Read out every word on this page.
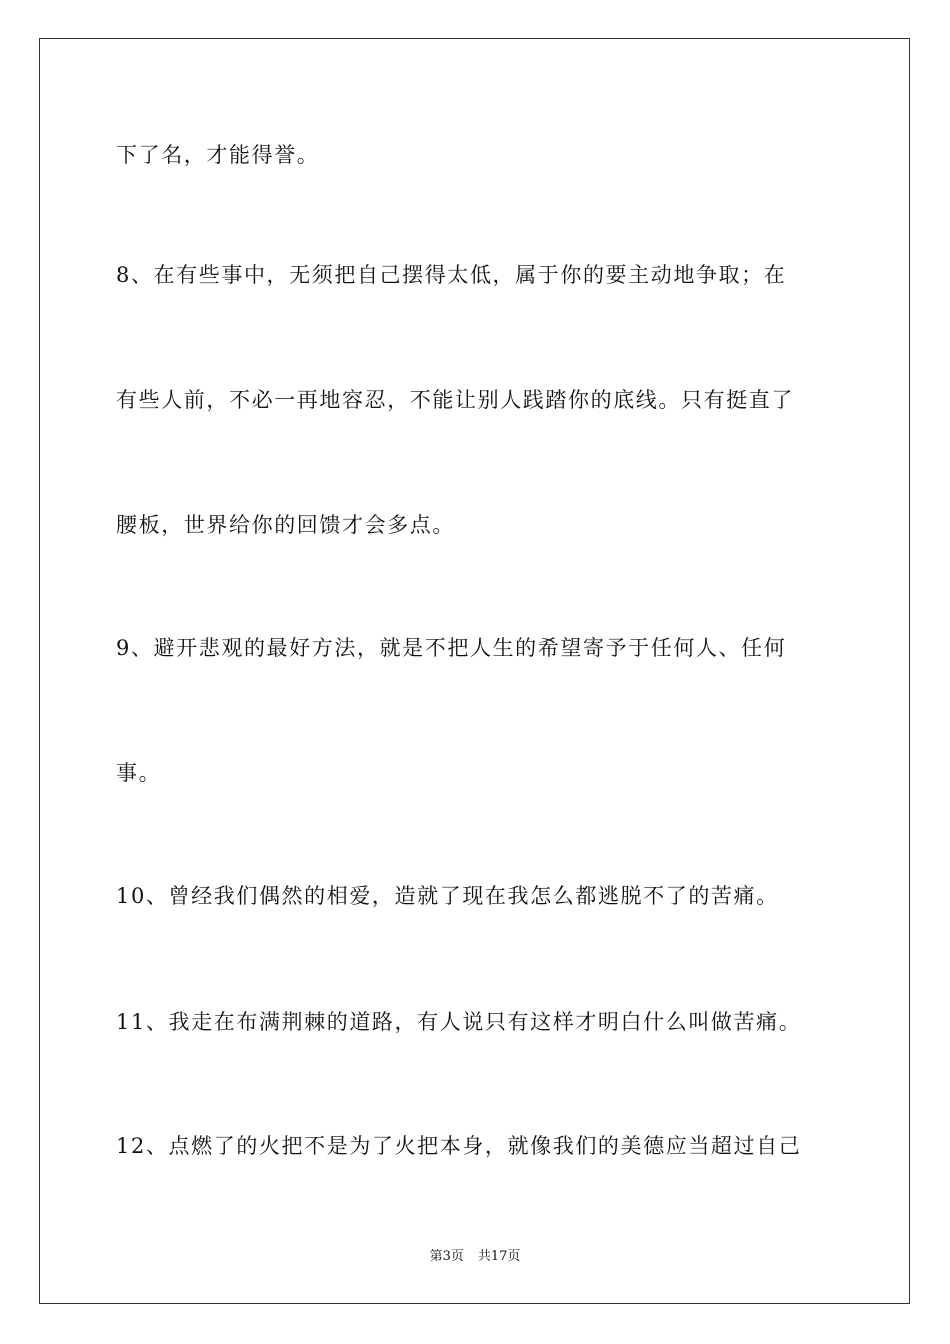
下了名，才能得誉。
8、在有些事中，无须把自己摆得太低，属于你的要主动地争取；在
有些人前，不必一再地容忍，不能让别人践踏你的底线。只有挺直了
腰板，世界给你的回馈才会多点。
9、避开悲观的最好方法，就是不把人生的希望寄予于任何人、任何
事。
10、曾经我们偶然的相爱，造就了现在我怎么都逃脱不了的苦痛。
11、我走在布满荆棘的道路，有人说只有这样才明白什么叫做苦痛。
12、点燃了的火把不是为了火把本身，就像我们的美德应当超过自己
第3页 共17页
